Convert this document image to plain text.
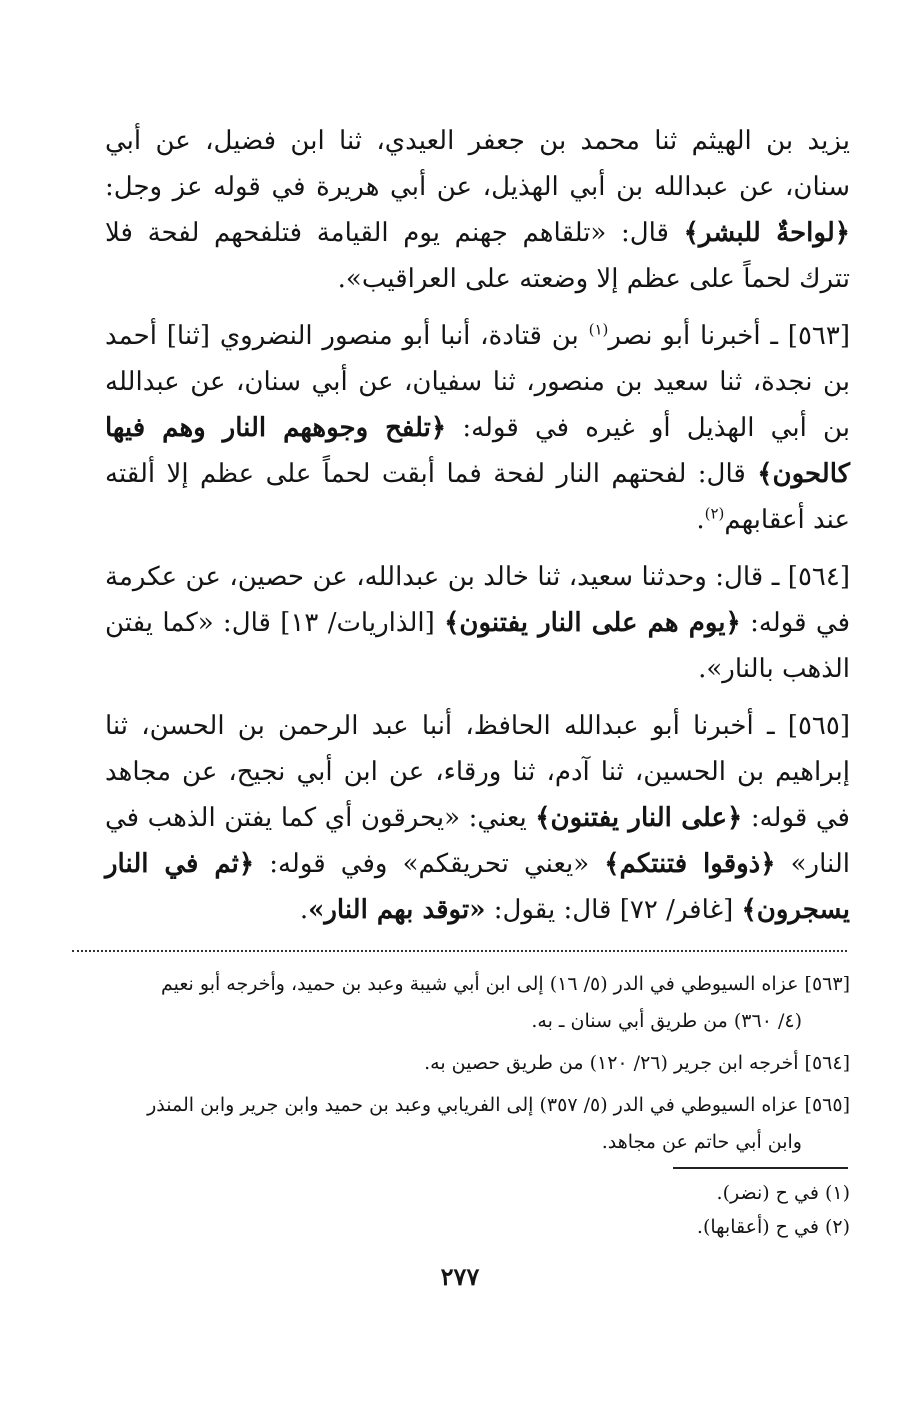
يزيد بن الهيثم ثنا محمد بن جعفر العيدي، ثنا ابن فضيل، عن أبي سنان، عن عبدالله بن أبي الهذيل، عن أبي هريرة في قوله عز وجل: ﴿لواحةٌ للبشر﴾ قال: «تلقاهم جهنم يوم القيامة فتلفحهم لفحة فلا تترك لحماً على عظم إلا وضعته على العراقيب».

[٥٦٣] ـ أخبرنا أبو نصر$^{(١)}$ بن قتادة، أنبا أبو منصور النضروي [ثنا] أحمد بن نجدة، ثنا سعيد بن منصور، ثنا سفيان، عن أبي سنان، عن عبدالله بن أبي الهذيل أو غيره في قوله: ﴿تلفح وجوههم النار وهم فيها كالحون﴾ قال: لفحتهم النار لفحة فما أبقت لحماً على عظم إلا ألقته عند أعقابهم$^{(٢)}$.

[٥٦٤] ـ قال: وحدثنا سعيد، ثنا خالد بن عبدالله، عن حصين، عن عكرمة في قوله: ﴿يوم هم على النار يفتنون﴾ [الذاريات/ ١٣] قال: «كما يفتن الذهب بالنار».

[٥٦٥] ـ أخبرنا أبو عبدالله الحافظ، أنبا عبد الرحمن بن الحسن، ثنا إبراهيم بن الحسين، ثنا آدم، ثنا ورقاء، عن ابن أبي نجيح، عن مجاهد في قوله: ﴿على النار يفتنون﴾ يعني: «يحرقون أي كما يفتن الذهب في النار» ﴿ذوقوا فتنتكم﴾ «يعني تحريقكم» وفي قوله: ﴿ثم في النار يسجرون﴾ [غافر/ ٧٢] قال: يقول: «توقد بهم النار».

[٥٦٣] عزاه السيوطي في الدر (٥/ ١٦) إلى ابن أبي شيبة وعبد بن حميد، وأخرجه أبو نعيم
(٤/ ٣٦٠) من طريق أبي سنان ـ به.
[٥٦٤] أخرجه ابن جرير (٢٦/ ١٢٠) من طريق حصين به.
[٥٦٥] عزاه السيوطي في الدر (٥/ ٣٥٧) إلى الفريابي وعبد بن حميد وابن جرير وابن المنذر
وابن أبي حاتم عن مجاهد.

(١) في ح (نضر).

(٢) في ح (أعقابها).

٢٧٧
